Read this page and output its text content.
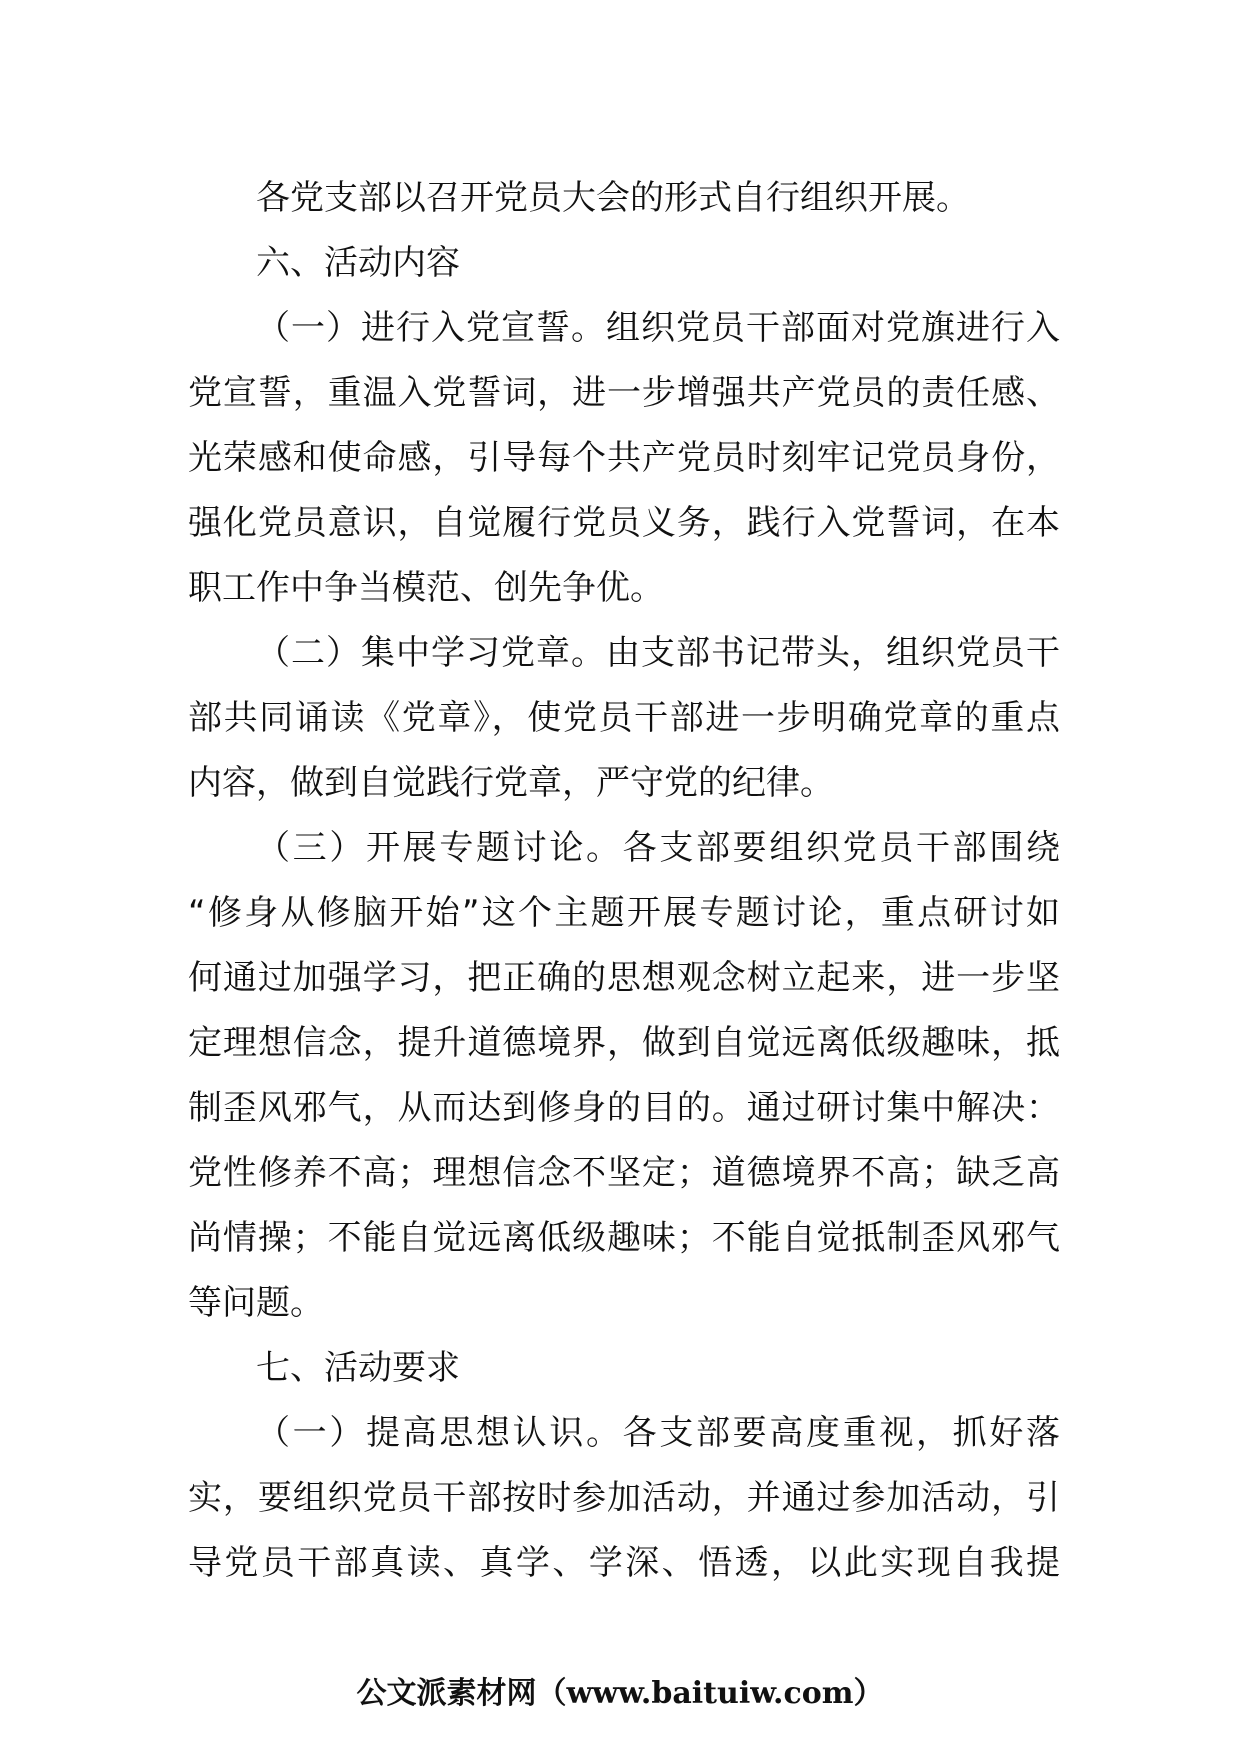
各党支部以召开党员大会的形式自行组织开展。
六、活动内容
（一）进行入党宣誓。组织党员干部面对党旗进行入
党宣誓，重温入党誓词，进一步增强共产党员的责任感、
光荣感和使命感，引导每个共产党员时刻牢记党员身份，
强化党员意识，自觉履行党员义务，践行入党誓词，在本
职工作中争当模范、创先争优。
（二）集中学习党章。由支部书记带头，组织党员干
部共同诵读《党章》，使党员干部进一步明确党章的重点
内容，做到自觉践行党章，严守党的纪律。
（三）开展专题讨论。各支部要组织党员干部围绕
“修身从修脑开始”这个主题开展专题讨论，重点研讨如
何通过加强学习，把正确的思想观念树立起来，进一步坚
定理想信念，提升道德境界，做到自觉远离低级趣味，抵
制歪风邪气，从而达到修身的目的。通过研讨集中解决：
党性修养不高；理想信念不坚定；道德境界不高；缺乏高
尚情操；不能自觉远离低级趣味；不能自觉抵制歪风邪气
等问题。
七、活动要求
（一）提高思想认识。各支部要高度重视，抓好落
实，要组织党员干部按时参加活动，并通过参加活动，引
导党员干部真读、真学、学深、悟透，以此实现自我提
公文派素材网（www.baituiw.com）
